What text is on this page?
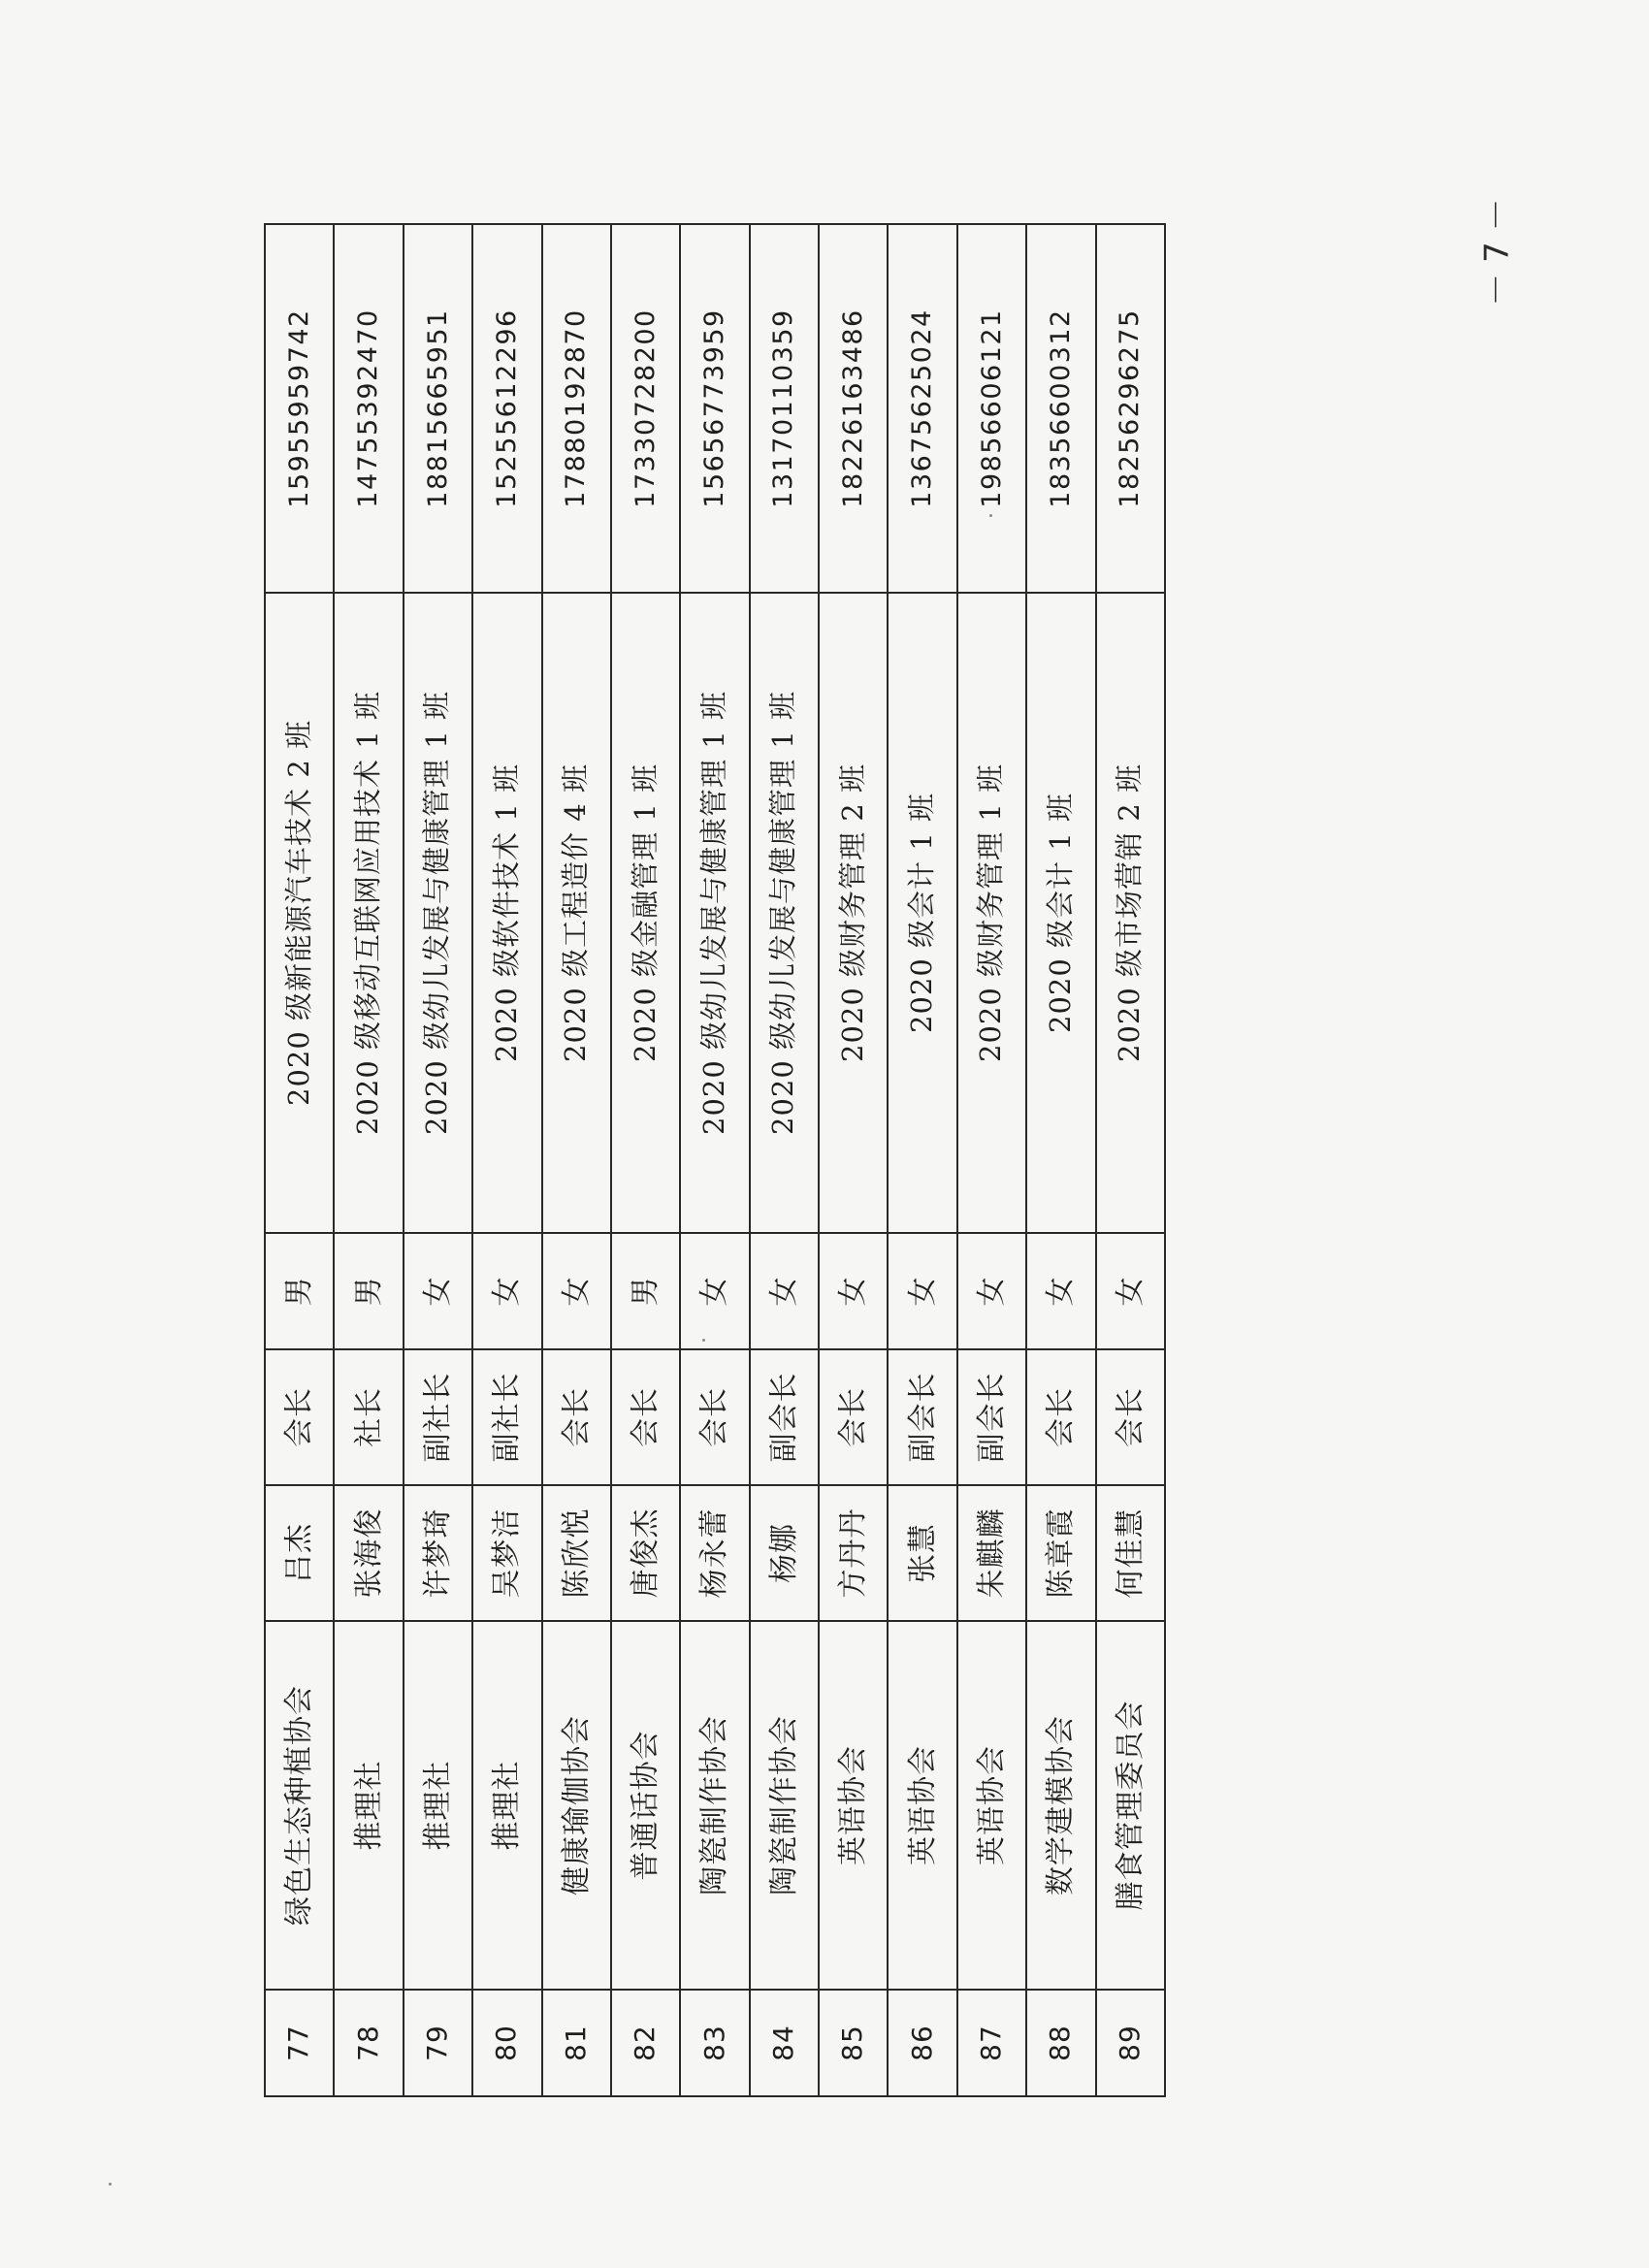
－ 7 －
77	绿色生态种植协会	吕杰	会长	男	2020 级新能源汽车技术 2 班	15955959742
78	推理社	张海俊	社长	男	2020 级移动互联网应用技术 1 班	14755392470
79	推理社	许梦琦	副社长	女	2020 级幼儿发展与健康管理 1 班	18815665951
80	推理社	吴梦洁	副社长	女	2020 级软件技术 1 班	15255612296
81	健康瑜伽协会	陈欣悦	会长	女	2020 级工程造价 4 班	17880192870
82	普通话协会	唐俊杰	会长	男	2020 级金融管理 1 班	17330728200
83	陶瓷制作协会	杨永蕾	会长	女	2020 级幼儿发展与健康管理 1 班	15656773959
84	陶瓷制作协会	杨娜	副会长	女	2020 级幼儿发展与健康管理 1 班	13170110359
85	英语协会	方丹丹	会长	女	2020 级财务管理 2 班	18226163486
86	英语协会	张慧	副会长	女	2020 级会计 1 班	13675625024
87	英语协会	朱麒麟	副会长	女	2020 级财务管理 1 班	19856606121
88	数学建模协会	陈章霞	会长	女	2020 级会计 1 班	18356600312
89	膳食管理委员会	何佳慧	会长	女	2020 级市场营销 2 班	18256296275
